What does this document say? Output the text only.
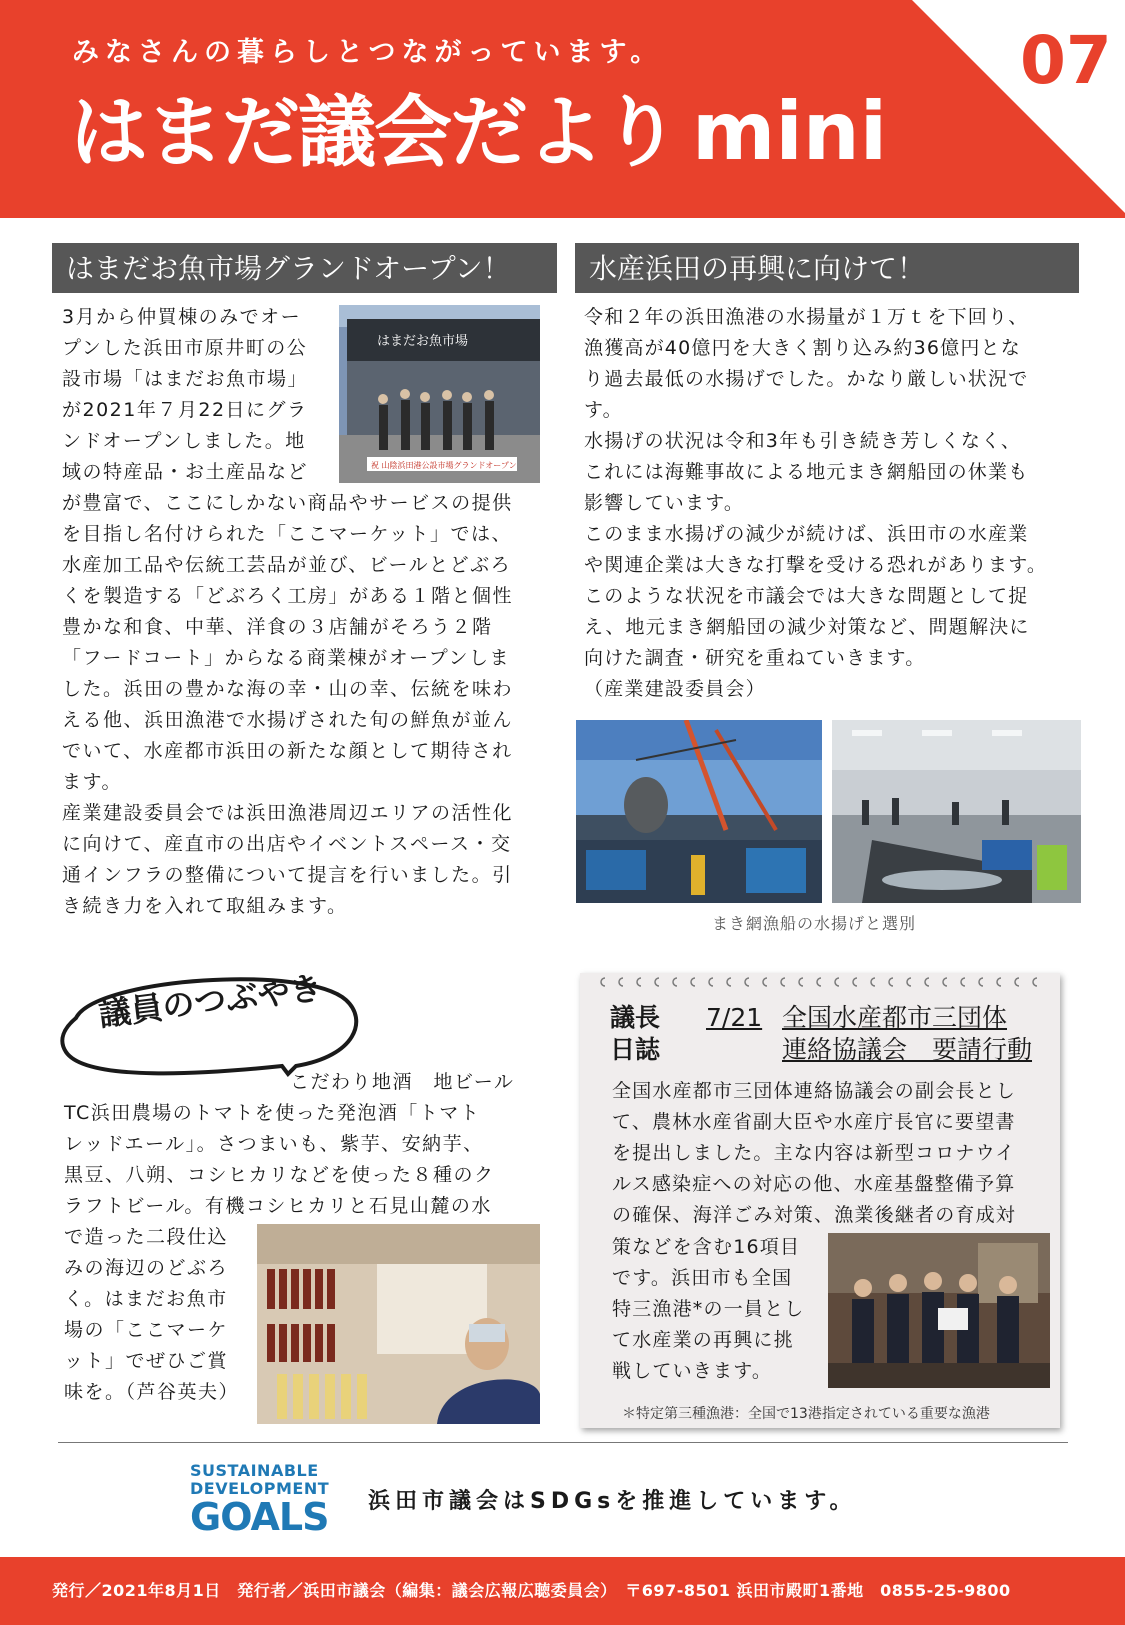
みなさんの暮らしとつながっています。
はまだ議会だより mini
07
はまだお魚市場グランドオープン！
3月から仲買棟のみでオー
プンした浜田市原井町の公
設市場「はまだお魚市場」
が2021年７月22日にグラ
ンドオープンしました。地
域の特産品・お土産品など
はまだお魚市場
祝 山陰浜田港公設市場グランドオープン
が豊富で、ここにしかない商品やサービスの提供
を目指し名付けられた「ここマーケット」では、
水産加工品や伝統工芸品が並び、ビールとどぶろ
くを製造する「どぶろく工房」がある１階と個性
豊かな和食、中華、洋食の３店舗がそろう２階
「フードコート」からなる商業棟がオープンしま
した。浜田の豊かな海の幸・山の幸、伝統を味わ
える他、浜田漁港で水揚げされた旬の鮮魚が並ん
でいて、水産都市浜田の新たな顔として期待され
ます。
産業建設委員会では浜田漁港周辺エリアの活性化
に向けて、産直市の出店やイベントスペース・交
通インフラの整備について提言を行いました。引
き続き力を入れて取組みます。
水産浜田の再興に向けて！
令和２年の浜田漁港の水揚量が１万ｔを下回り、
漁獲高が40億円を大きく割り込み約36億円とな
り過去最低の水揚げでした。かなり厳しい状況で
す。
水揚げの状況は令和3年も引き続き芳しくなく、
これには海難事故による地元まき網船団の休業も
影響しています。
このまま水揚げの減少が続けば、浜田市の水産業
や関連企業は大きな打撃を受ける恐れがあります。
このような状況を市議会では大きな問題として捉
え、地元まき網船団の減少対策など、問題解決に
向けた調査・研究を重ねていきます。
（産業建設委員会）
まき網漁船の水揚げと選別
議員のつぶやき
こだわり地酒　地ビール
TC浜田農場のトマトを使った発泡酒「トマト
レッドエール」。さつまいも、紫芋、安納芋、
黒豆、八朔、コシヒカリなどを使った８種のク
ラフトビール。有機コシヒカリと石見山麓の水
で造った二段仕込
みの海辺のどぶろ
く。はまだお魚市
場の「ここマーケ
ット」でぜひご賞
味を。（芦谷英夫）
議長
日誌
7/21 全国水産都市三団体
連絡協議会　要請行動
全国水産都市三団体連絡協議会の副会長とし
て、農林水産省副大臣や水産庁長官に要望書
を提出しました。主な内容は新型コロナウイ
ルス感染症への対応の他、水産基盤整備予算
の確保、海洋ごみ対策、漁業後継者の育成対
策などを含む16項目
です。浜田市も全国
特三漁港*の一員とし
て水産業の再興に挑
戦していきます。
＊特定第三種漁港：全国で13港指定されている重要な漁港
SUSTAINABLE
DEVELOPMENT
GOALS 浜田市議会はSDGsを推進しています。
発行／2021年8月1日　発行者／浜田市議会（編集：議会広報広聴委員会）　〒697-8501 浜田市殿町1番地　0855-25-9800
